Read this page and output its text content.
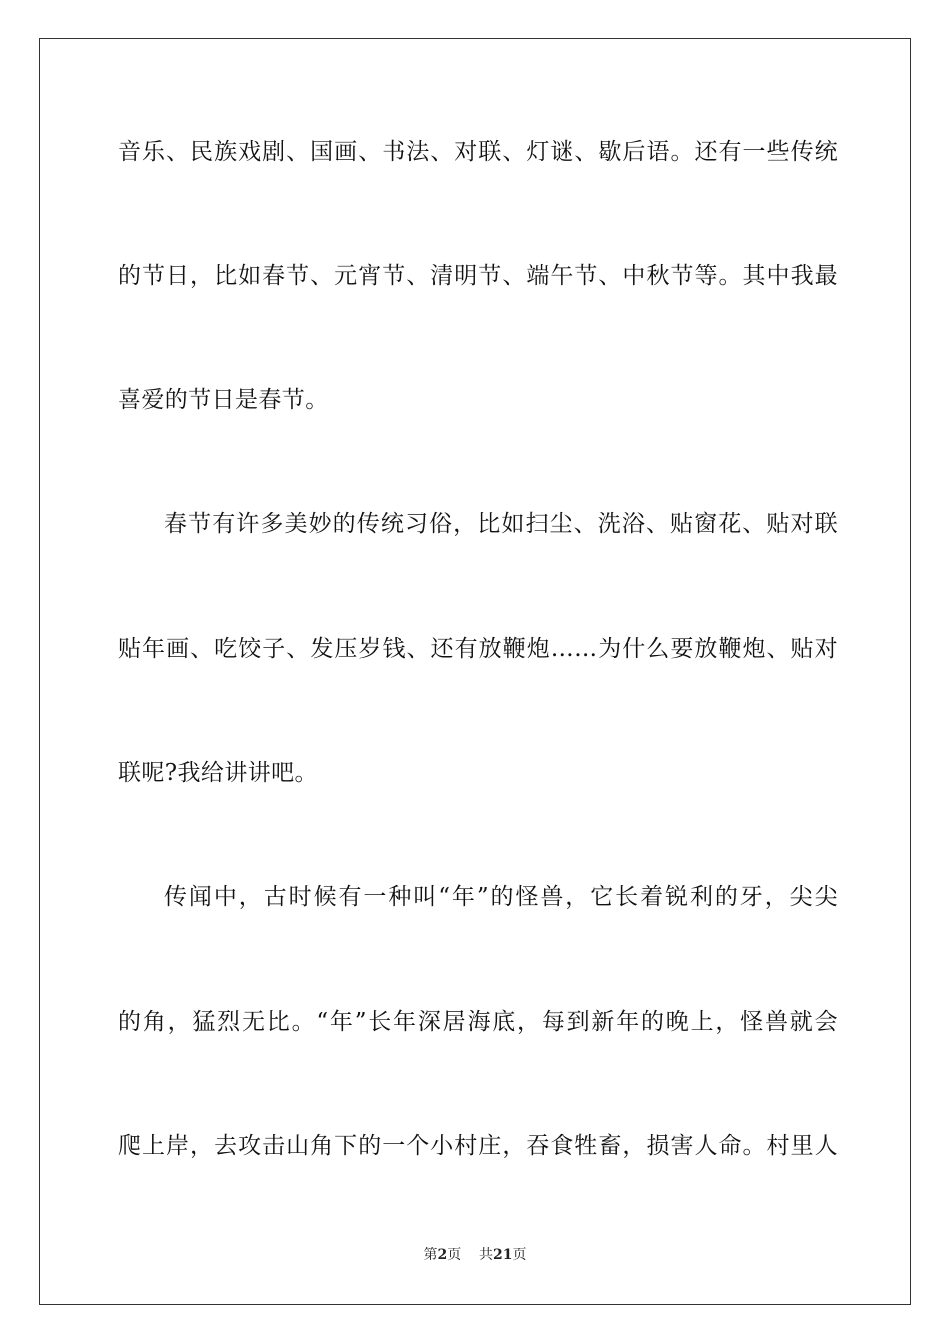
音乐、民族戏剧、国画、书法、对联、灯谜、歇后语。还有一些传统
的节日，比如春节、元宵节、清明节、端午节、中秋节等。其中我最
喜爱的节日是春节。
春节有许多美妙的传统习俗，比如扫尘、洗浴、贴窗花、贴对联
贴年画、吃饺子、发压岁钱、还有放鞭炮……为什么要放鞭炮、贴对
联呢?我给讲讲吧。
传闻中，古时候有一种叫“年”的怪兽，它长着锐利的牙，尖尖
的角，猛烈无比。“年”长年深居海底，每到新年的晚上，怪兽就会
爬上岸，去攻击山角下的一个小村庄，吞食牲畜，损害人命。村里人
第2页 共21页
